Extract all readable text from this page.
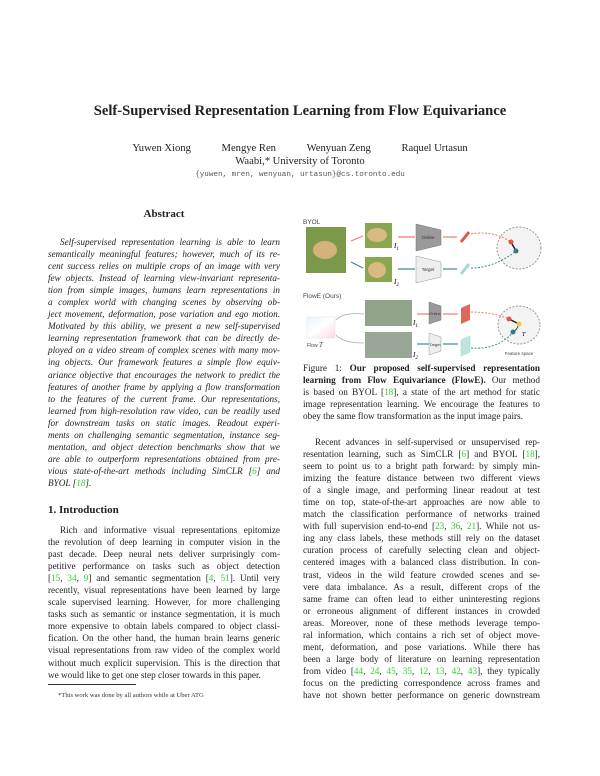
Self-Supervised Representation Learning from Flow Equivariance
Yuwen Xiong	Mengye Ren	Wenyuan Zeng	Raquel Urtasun
Waabi,* University of Toronto
{yuwen, mren, wenyuan, urtasun}@cs.toronto.edu
Abstract
Self-supervised representation learning is able to learn
semantically meaningful features; however, much of its re-
cent success relies on multiple crops of an image with very
few objects. Instead of learning view-invariant representa-
tion from simple images, humans learn representations in
a complex world with changing scenes by observing ob-
ject movement, deformation, pose variation and ego motion.
Motivated by this ability, we present a new self-supervised
learning representation framework that can be directly de-
ployed on a video stream of complex scenes with many mov-
ing objects. Our framework features a simple flow equiv-
ariance objective that encourages the network to predict the
features of another frame by applying a flow transformation
to the features of the current frame. Our representations,
learned from high-resolution raw video, can be readily used
for downstream tasks on static images. Readout experi-
ments on challenging semantic segmentation, instance seg-
mentation, and object detection benchmarks show that we
are able to outperform representations obtained from pre-
vious state-of-the-art methods including SimCLR [6] and
BYOL [18].
1. Introduction
Rich and informative visual representations epitomize
the revolution of deep learning in computer vision in the
past decade. Deep neural nets deliver surprisingly com-
petitive performance on tasks such as object detection
[15, 34, 9] and semantic segmentation [4, 51]. Until very
recently, visual representations have been learned by large
scale supervised learning. However, for more challenging
tasks such as semantic or instance segmentation, it is much
more expensive to obtain labels compared to object classi-
fication. On the other hand, the human brain learns generic
visual representations from raw video of the complex world
without much explicit supervision. This is the direction that
we would like to get one step closer towards in this paper.
*This work was done by all authors while at Uber ATG
BYOL
$I_1$
$I_2$
Online
Target
FlowE (Ours)
Flow T
$I_1$
$I_2$
Online
Target
T
Feature space
Figure 1: Our proposed self-supervised representation
learning from Flow Equivariance (FlowE). Our method
is based on BYOL [18], a state of the art method for static
image representation learning. We encourage the features to
obey the same flow transformation as the input image pairs.
Recent advances in self-supervised or unsupervised rep-
resentation learning, such as SimCLR [6] and BYOL [18],
seem to point us to a bright path forward: by simply min-
imizing the feature distance between two different views
of a single image, and performing linear readout at test
time on top, state-of-the-art approaches are now able to
match the classification performance of networks trained
with full supervision end-to-end [23, 36, 21]. While not us-
ing any class labels, these methods still rely on the dataset
curation process of carefully selecting clean and object-
centered images with a balanced class distribution. In con-
trast, videos in the wild feature crowded scenes and se-
vere data imbalance. As a result, different crops of the
same frame can often lead to either uninteresting regions
or erroneous alignment of different instances in crowded
areas. Moreover, none of these methods leverage tempo-
ral information, which contains a rich set of object move-
ment, deformation, and pose variations. While there has
been a large body of literature on learning representation
from video [44, 24, 45, 35, 12, 13, 42, 43], they typically
focus on the predicting correspondence across frames and
have not shown better performance on generic downstream
